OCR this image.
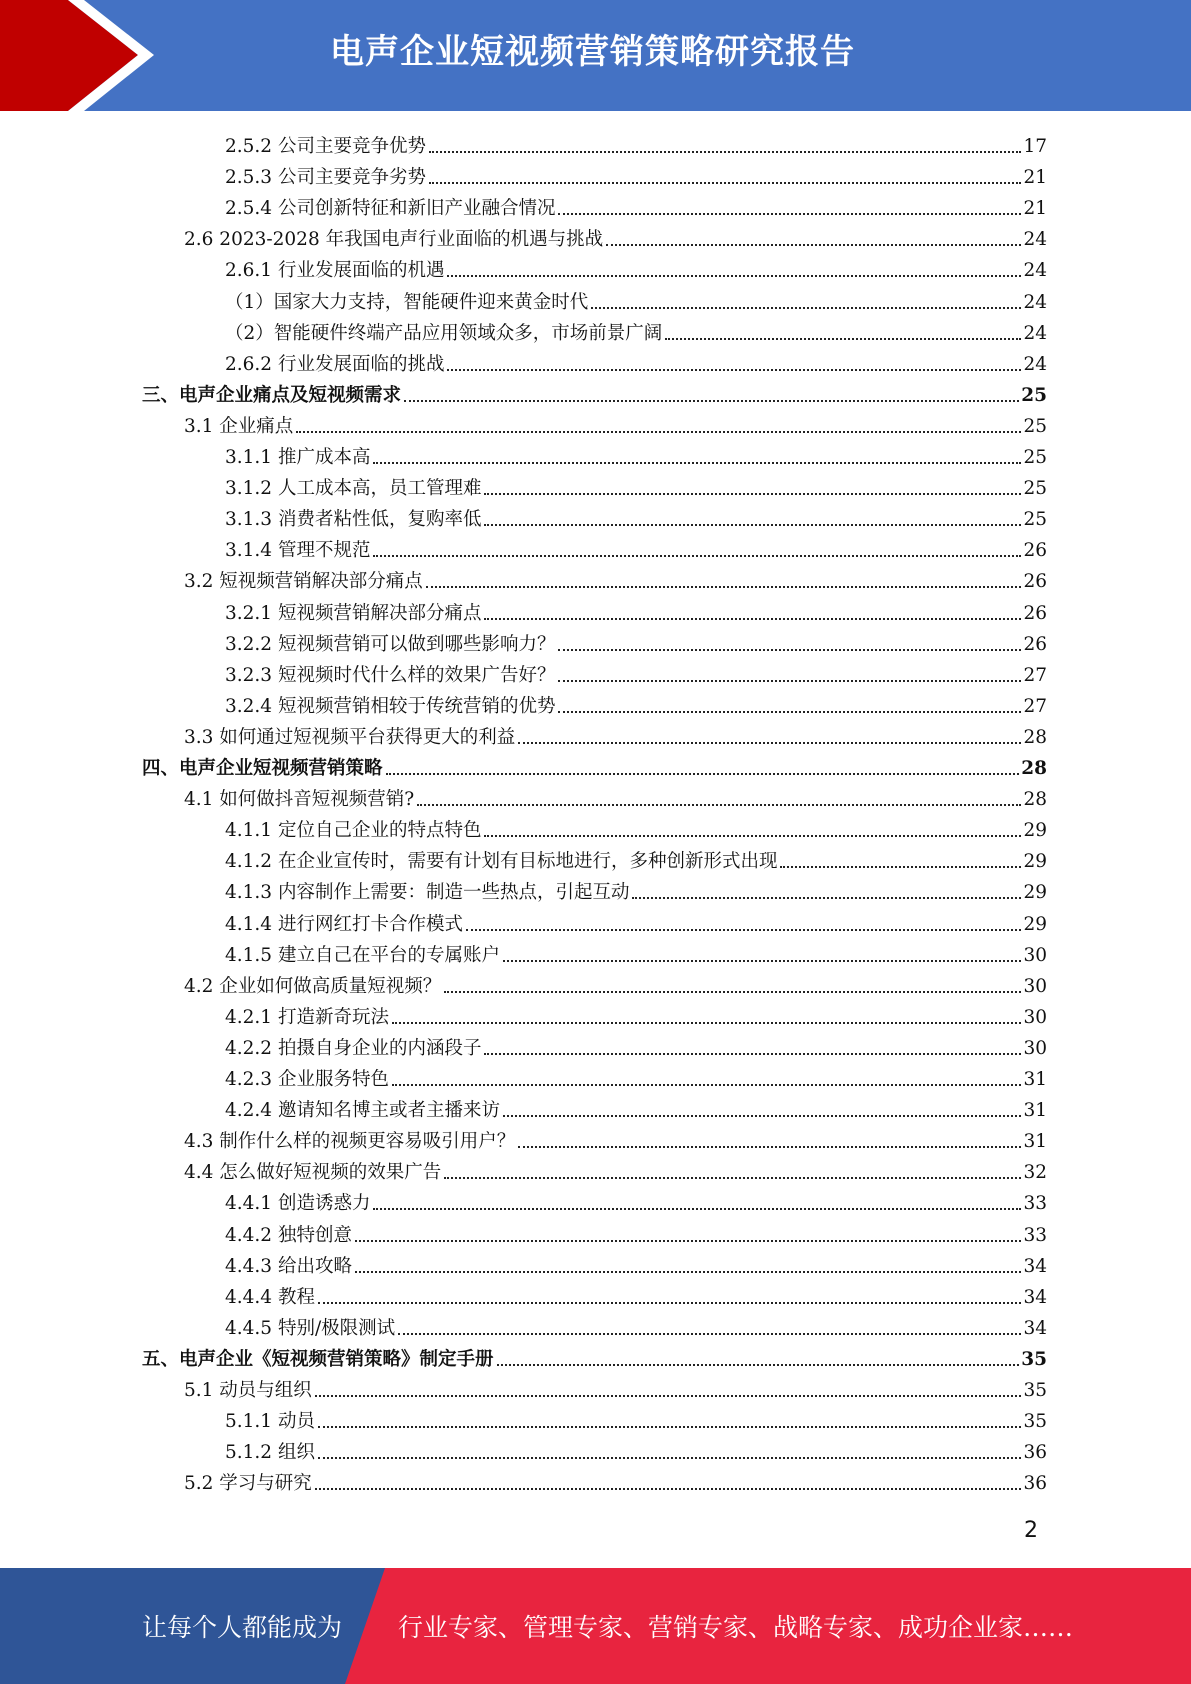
电声企业短视频营销策略研究报告
2.5.2 公司主要竞争优势	17
2.5.3 公司主要竞争劣势	21
2.5.4 公司创新特征和新旧产业融合情况	21
2.6 2023-2028 年我国电声行业面临的机遇与挑战	24
2.6.1 行业发展面临的机遇	24
（1）国家大力支持，智能硬件迎来黄金时代	24
（2）智能硬件终端产品应用领域众多，市场前景广阔	24
2.6.2 行业发展面临的挑战	24
三、电声企业痛点及短视频需求	25
3.1 企业痛点	25
3.1.1 推广成本高	25
3.1.2 人工成本高，员工管理难	25
3.1.3 消费者粘性低，复购率低	25
3.1.4 管理不规范	26
3.2 短视频营销解决部分痛点	26
3.2.1 短视频营销解决部分痛点	26
3.2.2 短视频营销可以做到哪些影响力？	26
3.2.3 短视频时代什么样的效果广告好？	27
3.2.4 短视频营销相较于传统营销的优势	27
3.3 如何通过短视频平台获得更大的利益	28
四、电声企业短视频营销策略	28
4.1 如何做抖音短视频营销?	28
4.1.1 定位自己企业的特点特色	29
4.1.2 在企业宣传时，需要有计划有目标地进行，多种创新形式出现	29
4.1.3 内容制作上需要：制造一些热点，引起互动	29
4.1.4 进行网红打卡合作模式	29
4.1.5 建立自己在平台的专属账户	30
4.2 企业如何做高质量短视频？	30
4.2.1 打造新奇玩法	30
4.2.2 拍摄自身企业的内涵段子	30
4.2.3 企业服务特色	31
4.2.4 邀请知名博主或者主播来访	31
4.3 制作什么样的视频更容易吸引用户？	31
4.4 怎么做好短视频的效果广告	32
4.4.1 创造诱惑力	33
4.4.2 独特创意	33
4.4.3 给出攻略	34
4.4.4 教程	34
4.4.5 特别/极限测试	34
五、电声企业《短视频营销策略》制定手册	35
5.1 动员与组织	35
5.1.1 动员	35
5.1.2 组织	36
5.2 学习与研究	36
2
让每个人都能成为 行业专家、管理专家、营销专家、战略专家、成功企业家……
